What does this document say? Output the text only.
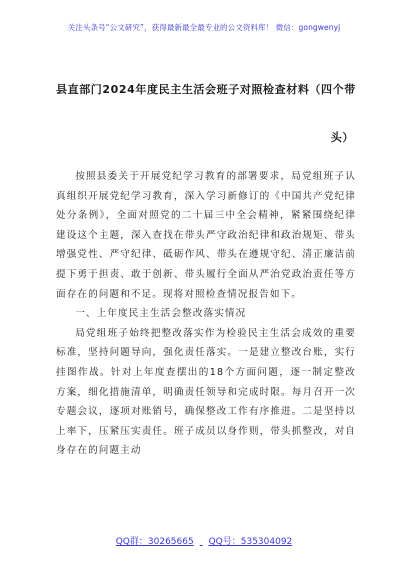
关注头条号“公文研究”，获得最新最全最专业的公文资料库！ 微信：gongwenyj
县直部门2024年度民主生活会班子对照检查材料（四个带
头）

按照县委关于开展党纪学习教育的部署要求，局党组班子认真组织开展党纪学习教育，深入学习新修订的《中国共产党纪律处分条例》，全面对照党的二十届三中全会精神，紧紧围绕纪律建设这个主题，深入查找在带头严守政治纪律和政治规矩、带头增强党性、严守纪律、砥砺作风、带头在遵规守纪、清正廉洁前提下勇于担责、敢于创新、带头履行全面从严治党政治责任等方面存在的问题和不足。现将对照检查情况报告如下。

一、上年度民主生活会整改落实情况

局党组班子始终把整改落实作为检验民主生活会成效的重要标准，坚持问题导向，强化责任落实。一是建立整改台账，实行挂图作战。针对上年度查摆出的18个方面问题，逐一制定整改方案，细化措施清单，明确责任领导和完成时限。每月召开一次专题会议，逐项对账销号，确保整改工作有序推进。二是坚持以上率下，压紧压实责任。班子成员以身作则，带头抓整改，对自身存在的问题主动

QQ群：30265665 QQ号：535304092
